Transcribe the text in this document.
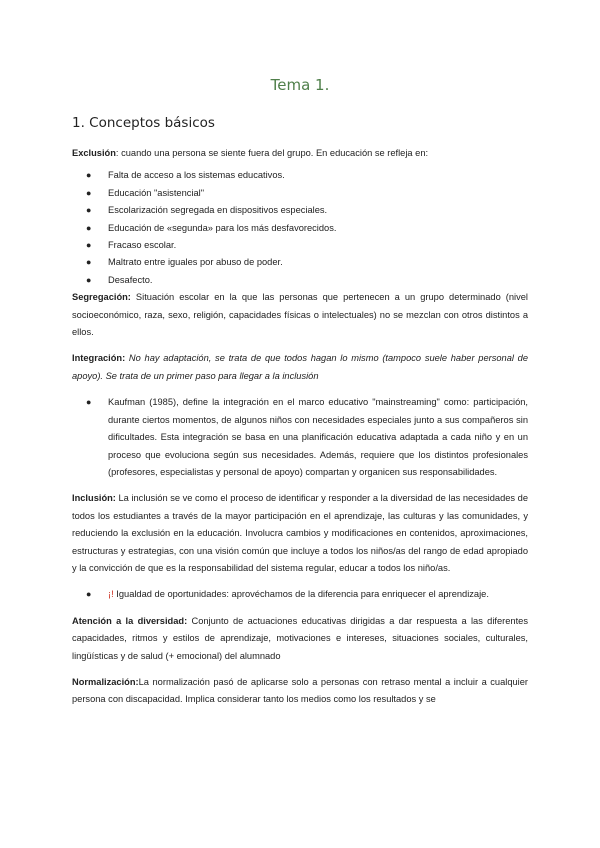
Tema 1.
1. Conceptos básicos

Exclusión: cuando una persona se siente fuera del grupo. En educación se refleja en:

● Falta de acceso a los sistemas educativos.
● Educación "asistencial"
● Escolarización segregada en dispositivos especiales.
● Educación de «segunda» para los más desfavorecidos.
● Fracaso escolar.
● Maltrato entre iguales por abuso de poder.
● Desafecto.

Segregación: Situación escolar en la que las personas que pertenecen a un grupo determinado (nivel socioeconómico, raza, sexo, religión, capacidades físicas o intelectuales) no se mezclan con otros distintos a ellos.

Integración: No hay adaptación, se trata de que todos hagan lo mismo (tampoco suele haber personal de apoyo). Se trata de un primer paso para llegar a la inclusión

● Kaufman (1985), define la integración en el marco educativo "mainstreaming" como: participación, durante ciertos momentos, de algunos niños con necesidades especiales junto a sus compañeros sin dificultades. Esta integración se basa en una planificación educativa adaptada a cada niño y en un proceso que evoluciona según sus necesidades. Además, requiere que los distintos profesionales (profesores, especialistas y personal de apoyo) compartan y organicen sus responsabilidades.

Inclusión: La inclusión se ve como el proceso de identificar y responder a la diversidad de las necesidades de todos los estudiantes a través de la mayor participación en el aprendizaje, las culturas y las comunidades, y reduciendo la exclusión en la educación. Involucra cambios y modificaciones en contenidos, aproximaciones, estructuras y estrategias, con una visión común que incluye a todos los niños/as del rango de edad apropiado y la convicción de que es la responsabilidad del sistema regular, educar a todos los niño/as.

● ¡! Igualdad de oportunidades: aprovéchamos de la diferencia para enriquecer el aprendizaje.

Atención a la diversidad: Conjunto de actuaciones educativas dirigidas a dar respuesta a las diferentes capacidades, ritmos y estilos de aprendizaje, motivaciones e intereses, situaciones sociales, culturales, lingüísticas y de salud (+ emocional) del alumnado

Normalización:La normalización pasó de aplicarse solo a personas con retraso mental a incluir a cualquier persona con discapacidad. Implica considerar tanto los medios como los resultados y se
